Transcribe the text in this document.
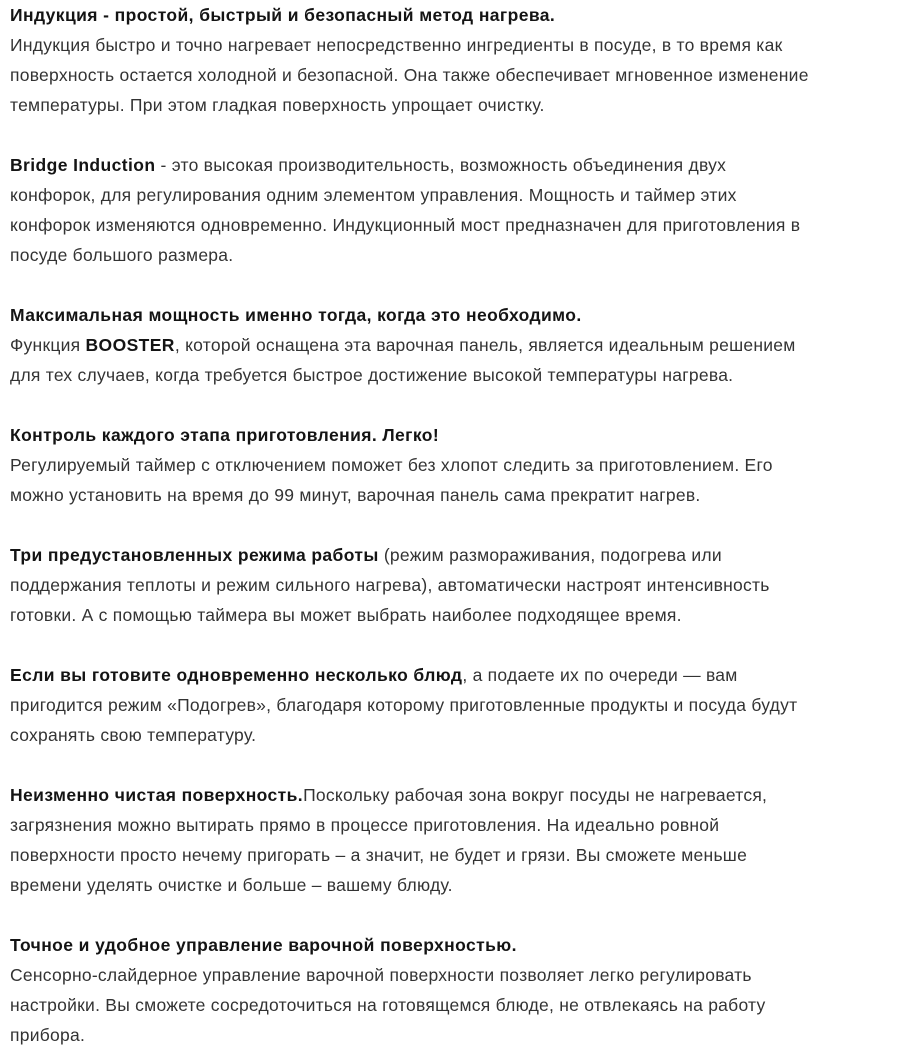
Индукция - простой, быстрый и безопасный метод нагрева.
Индукция быстро и точно нагревает непосредственно ингредиенты в посуде, в то время как
поверхность остается холодной и безопасной. Она также обеспечивает мгновенное изменение
температуры. При этом гладкая поверхность упрощает очистку.
Bridge Induction - это высокая производительность, возможность объединения двух
конфорок, для регулирования одним элементом управления. Мощность и таймер этих
конфорок изменяются одновременно. Индукционный мост предназначен для приготовления в
посуде большого размера.
Максимальная мощность именно тогда, когда это необходимо.
Функция BOOSTER, которой оснащена эта варочная панель, является идеальным решением
для тех случаев, когда требуется быстрое достижение высокой температуры нагрева.
Контроль каждого этапа приготовления. Легко!
Регулируемый таймер с отключением поможет без хлопот следить за приготовлением. Его
можно установить на время до 99 минут, варочная панель сама прекратит нагрев.
Три предустановленных режима работы (режим размораживания, подогрева или
поддержания теплоты и режим сильного нагрева), автоматически настроят интенсивность
готовки. А с помощью таймера вы может выбрать наиболее подходящее время.
Если вы готовите одновременно несколько блюд, а подаете их по очереди — вам
пригодится режим «Подогрев», благодаря которому приготовленные продукты и посуда будут
сохранять свою температуру.
Неизменно чистая поверхность.Поскольку рабочая зона вокруг посуды не нагревается,
загрязнения можно вытирать прямо в процессе приготовления. На идеально ровной
поверхности просто нечему пригорать – а значит, не будет и грязи. Вы сможете меньше
времени уделять очистке и больше – вашему блюду.
Точное и удобное управление варочной поверхностью.
Сенсорно-слайдерное управление варочной поверхности позволяет легко регулировать
настройки. Вы сможете сосредоточиться на готовящемся блюде, не отвлекаясь на работу
прибора.
